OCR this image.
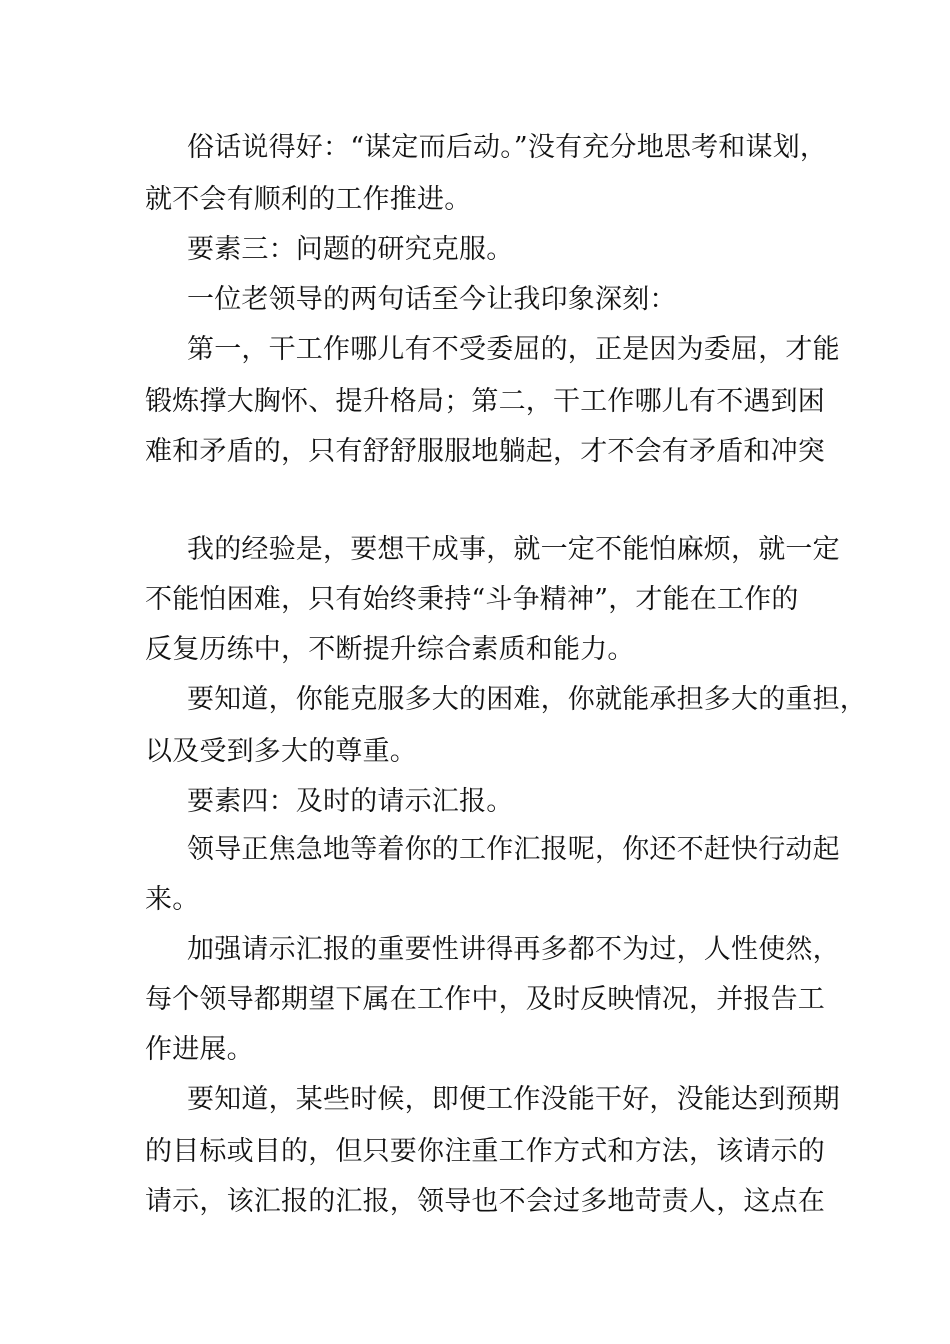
俗话说得好：“谋定而后动。”没有充分地思考和谋划，
就不会有顺利的工作推进。
要素三：问题的研究克服。
一位老领导的两句话至今让我印象深刻：
第一，干工作哪儿有不受委屈的，正是因为委屈，才能
锻炼撑大胸怀、提升格局；第二，干工作哪儿有不遇到困
难和矛盾的，只有舒舒服服地躺起，才不会有矛盾和冲突
我的经验是，要想干成事，就一定不能怕麻烦，就一定
不能怕困难，只有始终秉持“斗争精神”，才能在工作的
反复历练中，不断提升综合素质和能力。
要知道，你能克服多大的困难，你就能承担多大的重担，
以及受到多大的尊重。
要素四：及时的请示汇报。
领导正焦急地等着你的工作汇报呢，你还不赶快行动起
来。
加强请示汇报的重要性讲得再多都不为过，人性使然，
每个领导都期望下属在工作中，及时反映情况，并报告工
作进展。
要知道，某些时候，即便工作没能干好，没能达到预期
的目标或目的，但只要你注重工作方式和方法，该请示的
请示，该汇报的汇报，领导也不会过多地苛责人，这点在
